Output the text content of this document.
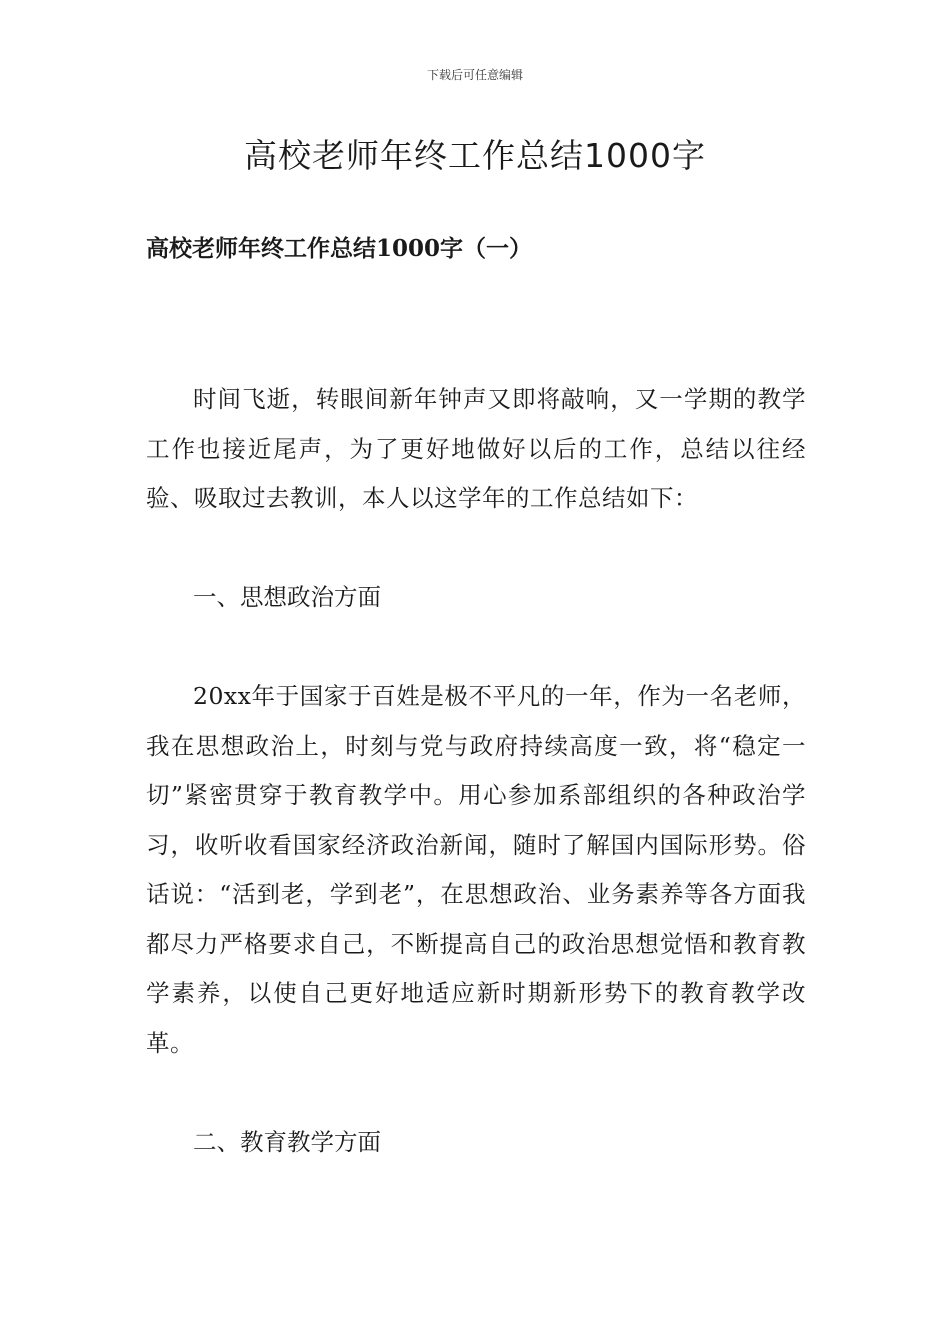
下载后可任意编辑
高校老师年终工作总结1000字
高校老师年终工作总结1000字（一）

时间飞逝，转眼间新年钟声又即将敲响，又一学期的教学工作也接近尾声，为了更好地做好以后的工作，总结以往经验、吸取过去教训，本人以这学年的工作总结如下：

一、思想政治方面

20xx年于国家于百姓是极不平凡的一年，作为一名老师，我在思想政治上，时刻与党与政府持续高度一致，将“稳定一切”紧密贯穿于教育教学中。用心参加系部组织的各种政治学习，收听收看国家经济政治新闻，随时了解国内国际形势。俗话说：“活到老，学到老”，在思想政治、业务素养等各方面我都尽力严格要求自己，不断提高自己的政治思想觉悟和教育教学素养，以使自己更好地适应新时期新形势下的教育教学改革。

二、教育教学方面
